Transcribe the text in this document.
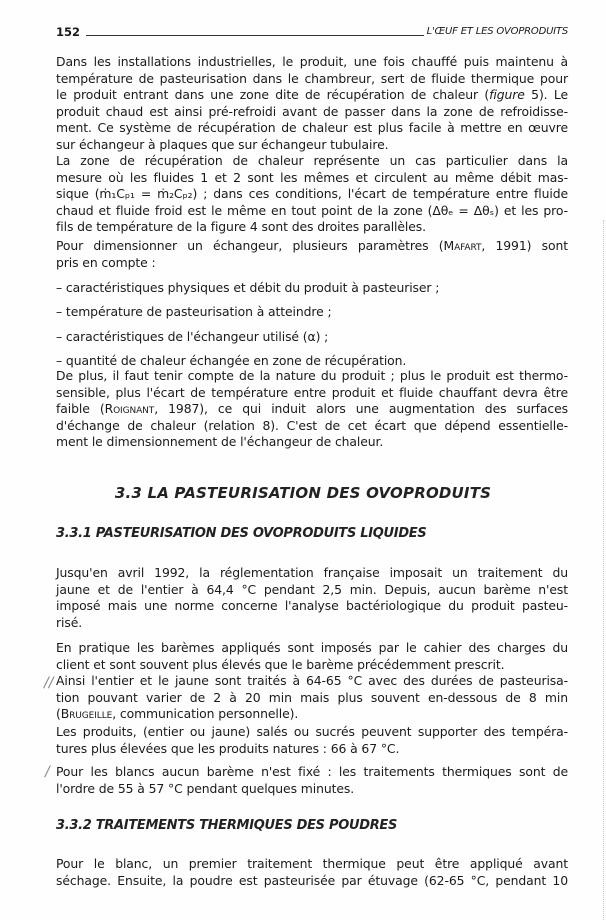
152	L'ŒUF ET LES OVOPRODUITS
Dans les installations industrielles, le produit, une fois chauffé puis maintenu à
température de pasteurisation dans le chambreur, sert de fluide thermique pour
le produit entrant dans une zone dite de récupération de chaleur (figure 5). Le
produit chaud est ainsi pré-refroidi avant de passer dans la zone de refroidisse-
ment. Ce système de récupération de chaleur est plus facile à mettre en œuvre
sur échangeur à plaques que sur échangeur tubulaire.
La zone de récupération de chaleur représente un cas particulier dans la
mesure où les fluides 1 et 2 sont les mêmes et circulent au même débit mas-
sique (ṁ₁Cₚ₁ = ṁ₂Cₚ₂) ; dans ces conditions, l'écart de température entre fluide
chaud et fluide froid est le même en tout point de la zone (Δθₑ = Δθₛ) et les pro-
fils de température de la figure 4 sont des droites parallèles.
Pour dimensionner un échangeur, plusieurs paramètres (Mafart, 1991) sont
pris en compte :
– caractéristiques physiques et débit du produit à pasteuriser ;
– température de pasteurisation à atteindre ;
– caractéristiques de l'échangeur utilisé (α) ;
– quantité de chaleur échangée en zone de récupération.
De plus, il faut tenir compte de la nature du produit ; plus le produit est thermo-
sensible, plus l'écart de température entre produit et fluide chauffant devra être
faible (Roignant, 1987), ce qui induit alors une augmentation des surfaces
d'échange de chaleur (relation 8). C'est de cet écart que dépend essentielle-
ment le dimensionnement de l'échangeur de chaleur.
3.3 LA PASTEURISATION DES OVOPRODUITS
3.3.1 PASTEURISATION DES OVOPRODUITS LIQUIDES
Jusqu'en avril 1992, la réglementation française imposait un traitement du
jaune et de l'entier à 64,4 °C pendant 2,5 min. Depuis, aucun barème n'est
imposé mais une norme concerne l'analyse bactériologique du produit pasteu-
risé.
En pratique les barèmes appliqués sont imposés par le cahier des charges du
client et sont souvent plus élevés que le barème précédemment prescrit.
Ainsi l'entier et le jaune sont traités à 64-65 °C avec des durées de pasteurisa-
tion pouvant varier de 2 à 20 min mais plus souvent en-dessous de 8 min
(Brugeille, communication personnelle).
Les produits, (entier ou jaune) salés ou sucrés peuvent supporter des tempéra-
tures plus élevées que les produits natures : 66 à 67 °C.
Pour les blancs aucun barème n'est fixé : les traitements thermiques sont de
l'ordre de 55 à 57 °C pendant quelques minutes.
//
/
3.3.2 TRAITEMENTS THERMIQUES DES POUDRES
Pour le blanc, un premier traitement thermique peut être appliqué avant
séchage. Ensuite, la poudre est pasteurisée par étuvage (62-65 °C, pendant 10
